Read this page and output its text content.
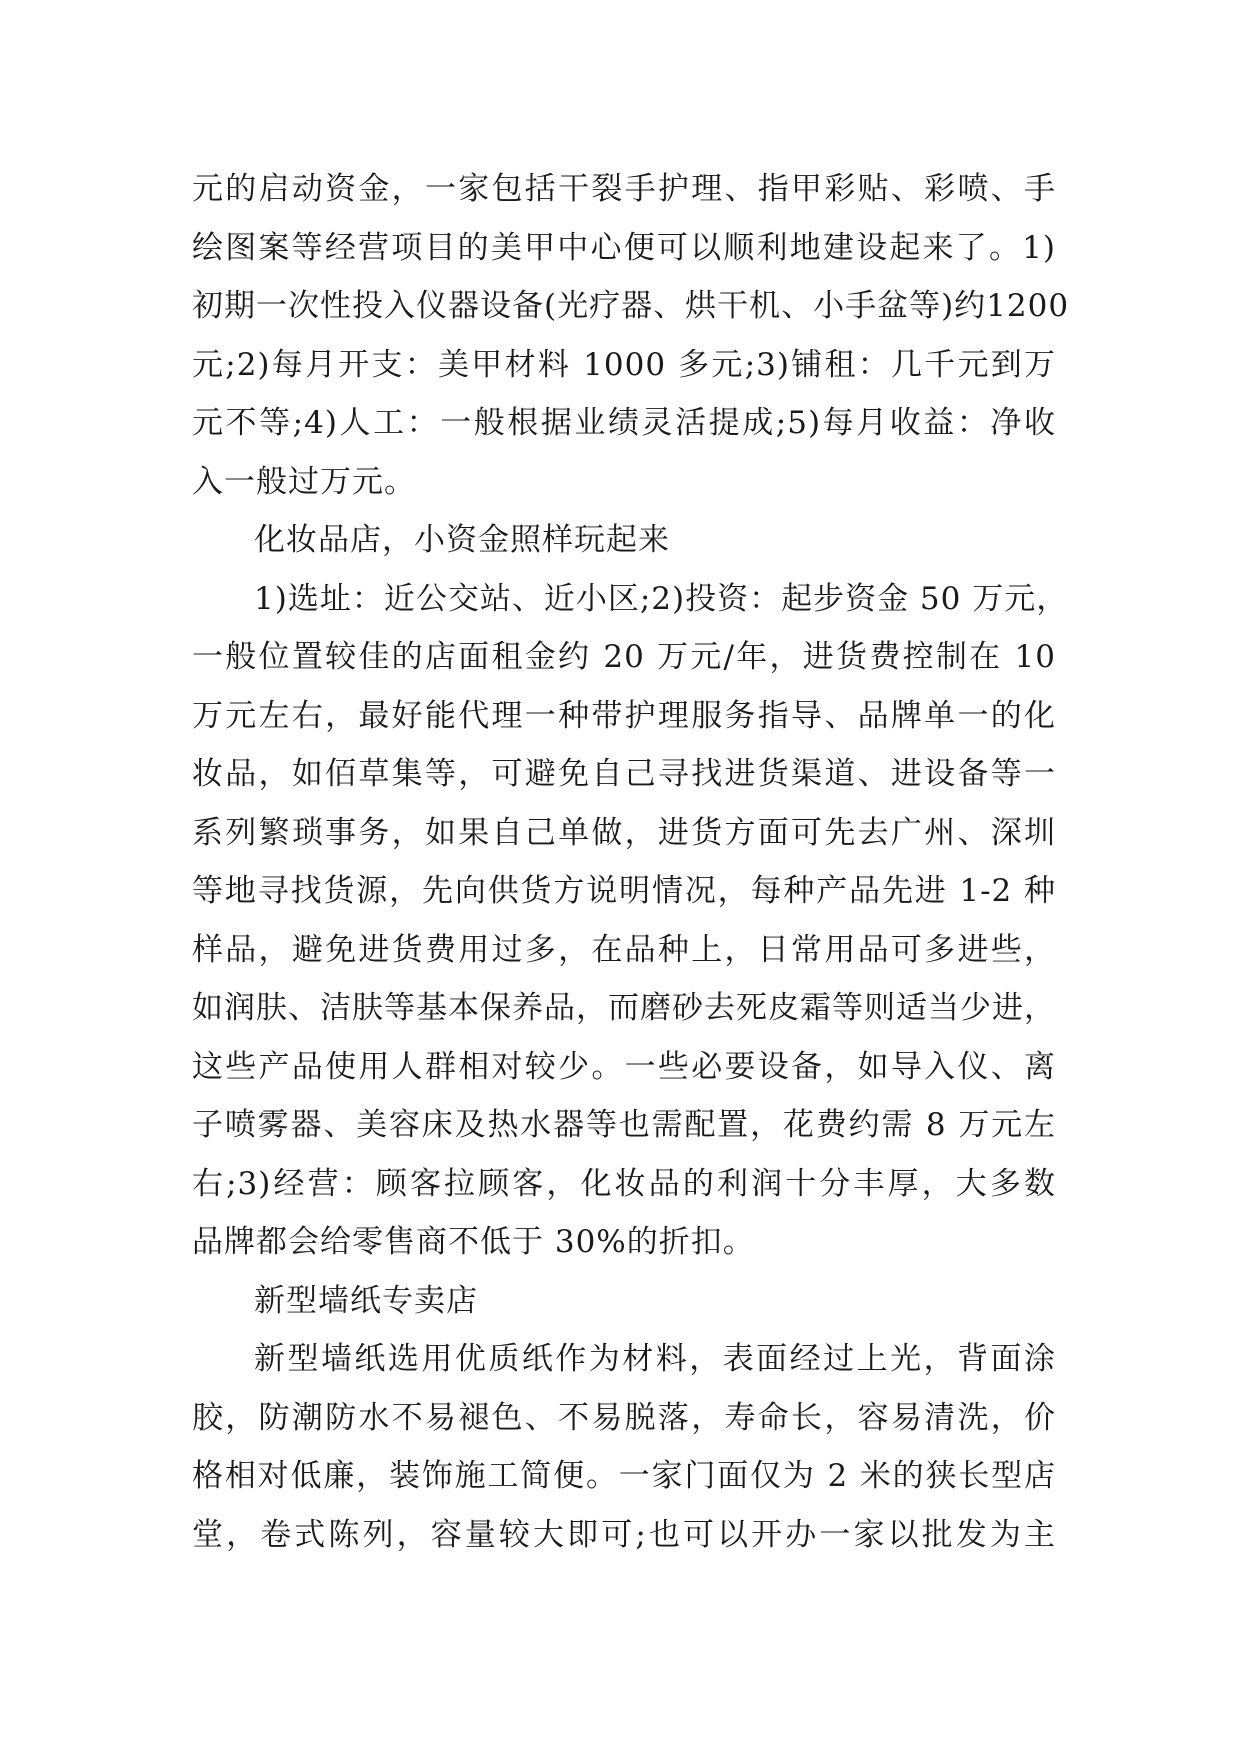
元的启动资金，一家包括干裂手护理、指甲彩贴、彩喷、手
绘图案等经营项目的美甲中心便可以顺利地建设起来了。1)
初期一次性投入仪器设备(光疗器、烘干机、小手盆等)约1200
元;2)每月开支：美甲材料 1000 多元;3)铺租：几千元到万
元不等;4)人工：一般根据业绩灵活提成;5)每月收益：净收
入一般过万元。
化妆品店，小资金照样玩起来
1)选址：近公交站、近小区;2)投资：起步资金 50 万元，
一般位置较佳的店面租金约 20 万元/年，进货费控制在 10
万元左右，最好能代理一种带护理服务指导、品牌单一的化
妆品，如佰草集等，可避免自己寻找进货渠道、进设备等一
系列繁琐事务，如果自己单做，进货方面可先去广州、深圳
等地寻找货源，先向供货方说明情况，每种产品先进 1-2 种
样品，避免进货费用过多，在品种上，日常用品可多进些，
如润肤、洁肤等基本保养品，而磨砂去死皮霜等则适当少进，
这些产品使用人群相对较少。一些必要设备，如导入仪、离
子喷雾器、美容床及热水器等也需配置，花费约需 8 万元左
右;3)经营：顾客拉顾客，化妆品的利润十分丰厚，大多数
品牌都会给零售商不低于 30%的折扣。
新型墙纸专卖店
新型墙纸选用优质纸作为材料，表面经过上光，背面涂
胶，防潮防水不易褪色、不易脱落，寿命长，容易清洗，价
格相对低廉，装饰施工简便。一家门面仅为 2 米的狭长型店
堂，卷式陈列，容量较大即可;也可以开办一家以批发为主
